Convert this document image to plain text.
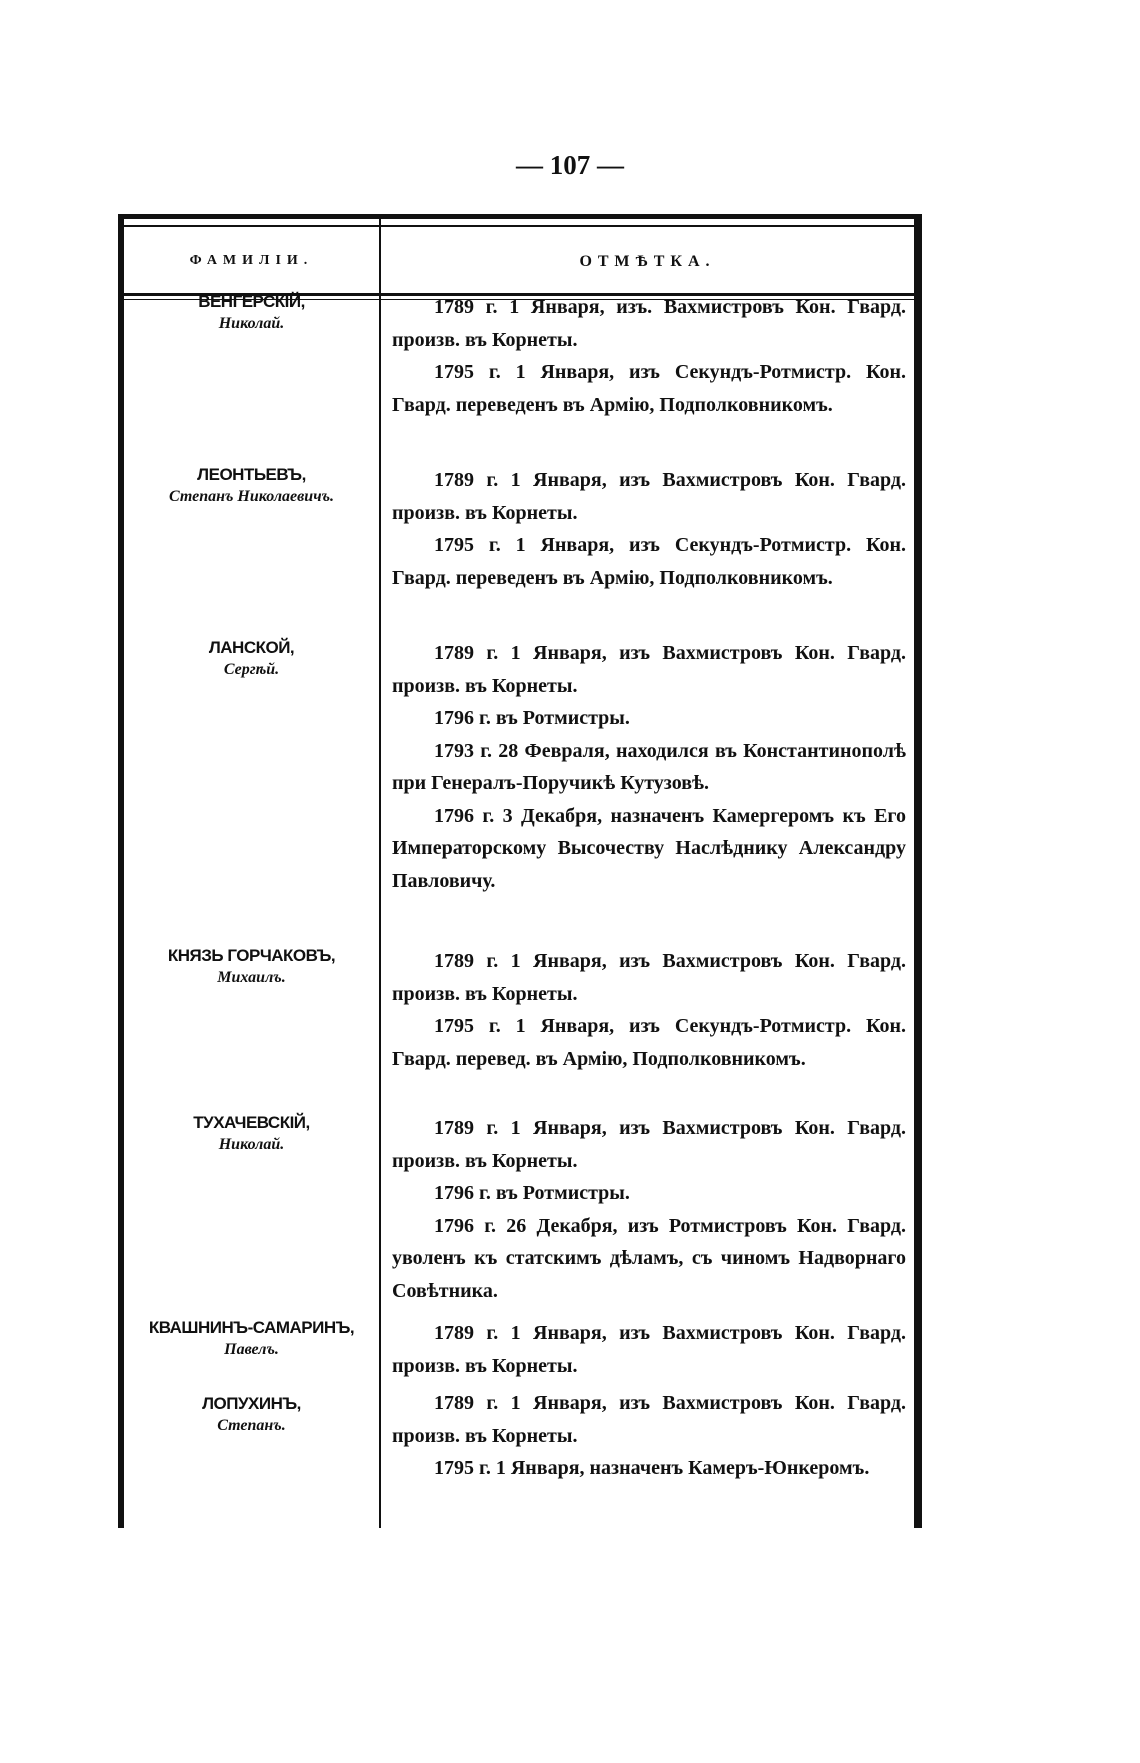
— 107 —
ФАМИЛІИ.	ОТМѢТКА.
ВЕНГЕРСКІЙ,
Николай.

1789 г. 1 Января, изъ. Вахмистровъ Кон. Гвард. произв. въ Корнеты.

1795 г. 1 Января, изъ Секундъ-Ротмистр. Кон. Гвард. переведенъ въ Армію, Подполковникомъ.

ЛЕОНТЬЕВЪ,
Степанъ Николаевичъ.

1789 г. 1 Января, изъ Вахмистровъ Кон. Гвард. произв. въ Корнеты.

1795 г. 1 Января, изъ Секундъ-Ротмистр. Кон. Гвард. переведенъ въ Армію, Подполковникомъ.

ЛАНСКОЙ,
Сергѣй.

1789 г. 1 Января, изъ Вахмистровъ Кон. Гвард. произв. въ Корнеты.

1796 г. въ Ротмистры.

1793 г. 28 Февраля, находился въ Константинополѣ при Генералъ-Поручикѣ Кутузовѣ.

1796 г. 3 Декабря, назначенъ Камергеромъ къ Его Императорскому Высочеству Наслѣднику Александру Павловичу.

КНЯЗЬ ГОРЧАКОВЪ,
Михаилъ.

1789 г. 1 Января, изъ Вахмистровъ Кон. Гвард. произв. въ Корнеты.

1795 г. 1 Января, изъ Секундъ-Ротмистр. Кон. Гвард. перевед. въ Армію, Подполковникомъ.

ТУХАЧЕВСКІЙ,
Николай.

1789 г. 1 Января, изъ Вахмистровъ Кон. Гвард. произв. въ Корнеты.

1796 г. въ Ротмистры.

1796 г. 26 Декабря, изъ Ротмистровъ Кон. Гвард. уволенъ къ статскимъ дѣламъ, съ чиномъ Надворнаго Совѣтника.

КВАШНИНЪ-САМАРИНЪ,
Павелъ.

1789 г. 1 Января, изъ Вахмистровъ Кон. Гвард. произв. въ Корнеты.

ЛОПУХИНЪ,
Степанъ.

1789 г. 1 Января, изъ Вахмистровъ Кон. Гвард. произв. въ Корнеты.

1795 г. 1 Января, назначенъ Камеръ-Юнкеромъ.
